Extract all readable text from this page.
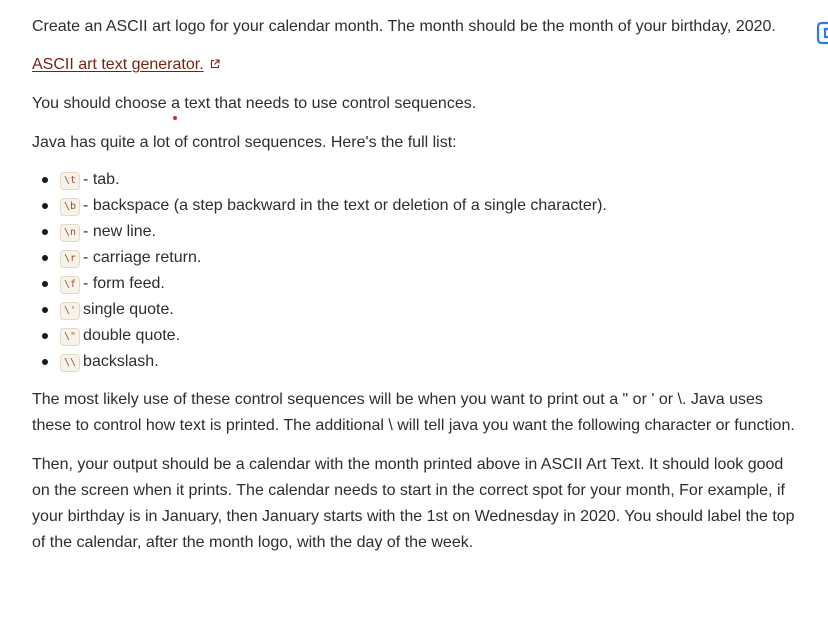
Create an ASCII art logo for your calendar month. The month should be the month of your birthday, 2020.

ASCII art text generator.

You should choose a text that needs to use control sequences.

Java has quite a lot of control sequences. Here's the full list:

\t - tab.
\b - backspace (a step backward in the text or deletion of a single character).
\n - new line.
\r - carriage return.
\f - form feed.
\' single quote.
\" double quote.
\\ backslash.

The most likely use of these control sequences will be when you want to print out a " or ' or \. Java uses these to control how text is printed. The additional \ will tell java you want the following character or function.

Then, your output should be a calendar with the month printed above in ASCII Art Text. It should look good on the screen when it prints. The calendar needs to start in the correct spot for your month, For example, if your birthday is in January, then January starts with the 1st on Wednesday in 2020. You should label the top of the calendar, after the month logo, with the day of the week.
